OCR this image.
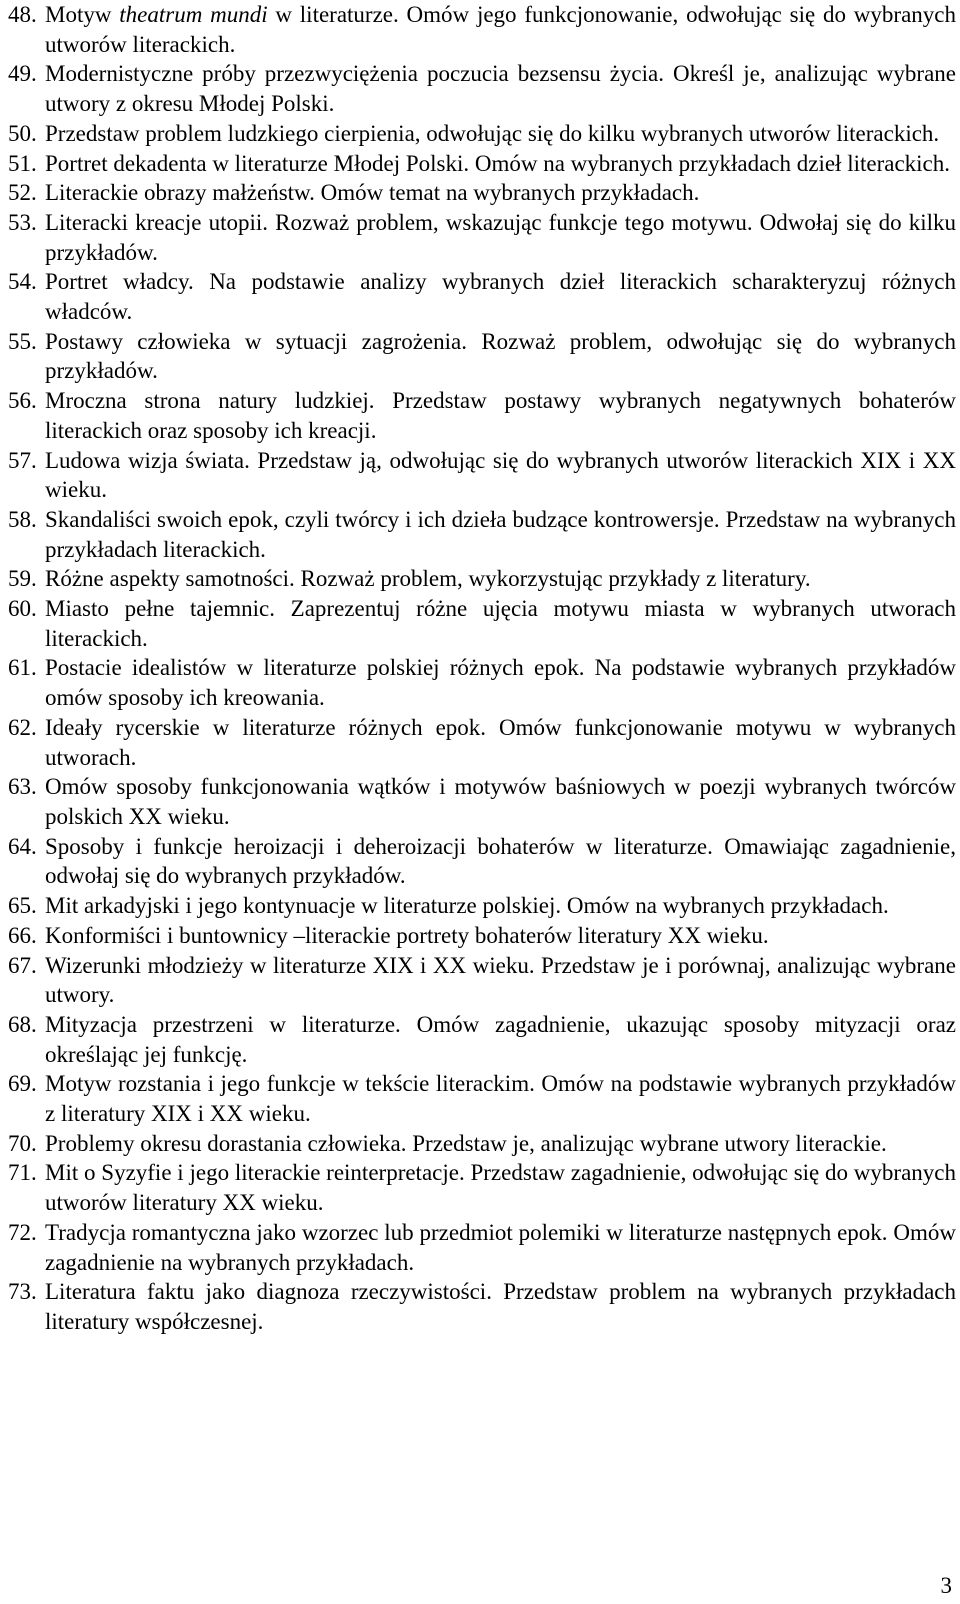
48. Motyw theatrum mundi w literaturze. Omów jego funkcjonowanie, odwołując się do wybranych utworów literackich.
49. Modernistyczne próby przezwyciężenia poczucia bezsensu życia. Określ je, analizując wybrane utwory z okresu Młodej Polski.
50. Przedstaw problem ludzkiego cierpienia, odwołując się do kilku wybranych utworów literackich.
51. Portret dekadenta w literaturze Młodej Polski. Omów na wybranych przykładach dzieł literackich.
52. Literackie obrazy małżeństw. Omów temat na wybranych przykładach.
53. Literacki kreacje utopii. Rozważ problem, wskazując funkcje tego motywu. Odwołaj się do kilku przykładów.
54. Portret władcy. Na podstawie analizy wybranych dzieł literackich scharakteryzuj różnych władców.
55. Postawy człowieka w sytuacji zagrożenia. Rozważ problem, odwołując się do wybranych przykładów.
56. Mroczna strona natury ludzkiej. Przedstaw postawy wybranych negatywnych bohaterów literackich oraz sposoby ich kreacji.
57. Ludowa wizja świata. Przedstaw ją, odwołując się do wybranych utworów literackich XIX i XX wieku.
58. Skandaliści swoich epok, czyli twórcy i ich dzieła budzące kontrowersje. Przedstaw na wybranych przykładach literackich.
59. Różne aspekty samotności. Rozważ problem, wykorzystując przykłady z literatury.
60. Miasto pełne tajemnic. Zaprezentuj różne ujęcia motywu miasta w wybranych utworach literackich.
61. Postacie idealistów w literaturze polskiej różnych epok. Na podstawie wybranych przykładów omów sposoby ich kreowania.
62. Ideały rycerskie w literaturze różnych epok. Omów funkcjonowanie motywu w wybranych utworach.
63. Omów sposoby funkcjonowania wątków i motywów baśniowych w poezji wybranych twórców polskich XX wieku.
64. Sposoby i funkcje heroizacji i deheroizacji bohaterów w literaturze. Omawiając zagadnienie, odwołaj się do wybranych przykładów.
65. Mit arkadyjski i jego kontynuacje w literaturze polskiej. Omów na wybranych przykładach.
66. Konformiści i buntownicy –literackie portrety bohaterów literatury XX wieku.
67. Wizerunki młodzieży w literaturze XIX i XX wieku. Przedstaw je i porównaj, analizując wybrane utwory.
68. Mityzacja przestrzeni w literaturze. Omów zagadnienie, ukazując sposoby mityzacji oraz określając jej funkcję.
69. Motyw rozstania i jego funkcje w tekście literackim. Omów na podstawie wybranych przykładów z literatury XIX i XX wieku.
70. Problemy okresu dorastania człowieka. Przedstaw je, analizując wybrane utwory literackie.
71. Mit o Syzyfie i jego literackie reinterpretacje. Przedstaw zagadnienie, odwołując się do wybranych utworów literatury XX wieku.
72. Tradycja romantyczna jako wzorzec lub przedmiot polemiki w literaturze następnych epok. Omów zagadnienie na wybranych przykładach.
73. Literatura faktu jako diagnoza rzeczywistości. Przedstaw problem na wybranych przykładach literatury współczesnej.
3
